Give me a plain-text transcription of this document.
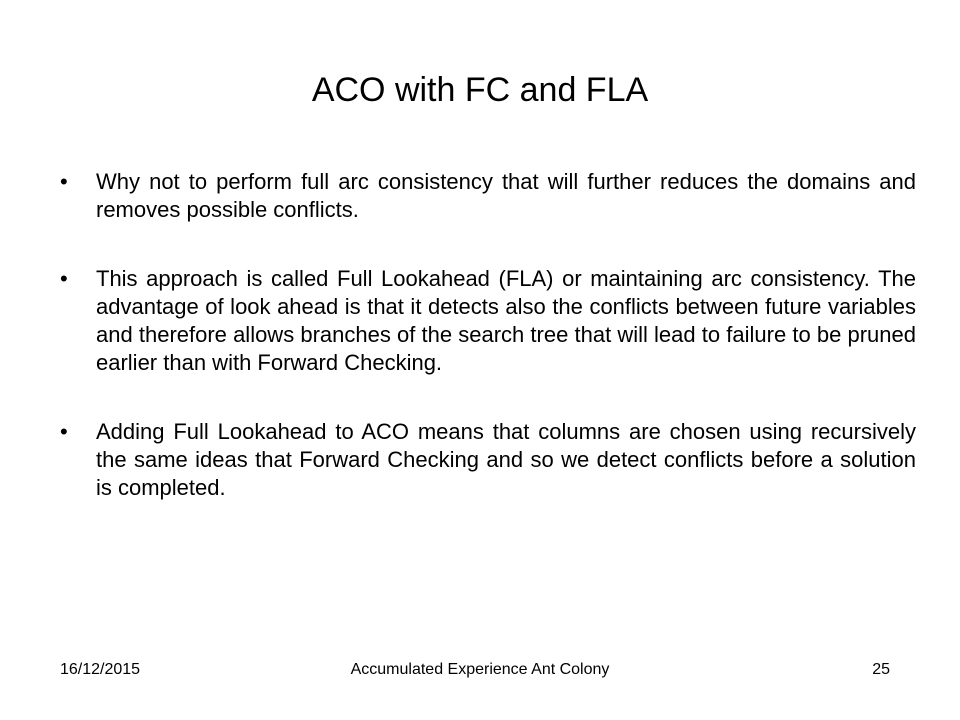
ACO with FC and FLA
•	Why not to perform full arc consistency that will further reduces the domains and removes possible conflicts.
•	This approach is called Full Lookahead (FLA) or maintaining arc consistency. The advantage of look ahead is that it detects also the conflicts between future variables and therefore allows branches of the search tree that will lead to failure to be pruned earlier than with Forward Checking.
•	Adding Full Lookahead to ACO means that columns are chosen using recursively the same ideas that Forward Checking and so we detect conflicts before a solution is completed.
16/12/2015	Accumulated Experience Ant Colony	25
